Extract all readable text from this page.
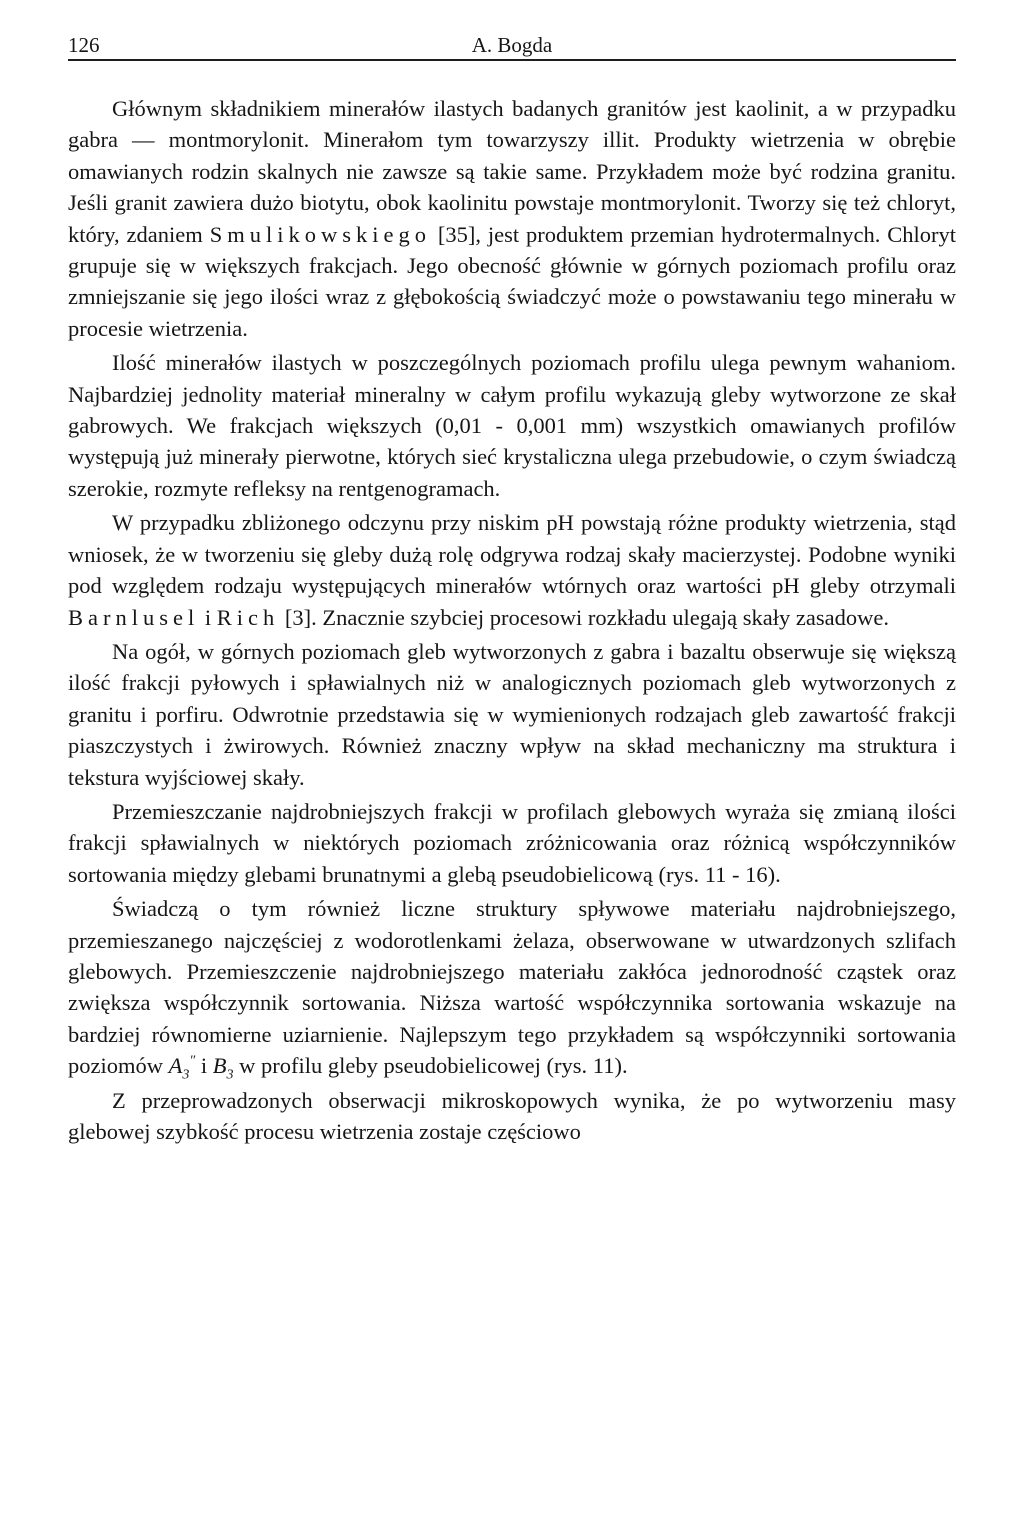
126	A. Bogda

Głównym składnikiem minerałów ilastych badanych granitów jest kaolinit, a w przypadku gabra — montmorylonit. Minerałom tym towarzyszy illit. Produkty wietrzenia w obrębie omawianych rodzin skalnych nie zawsze są takie same. Przykładem może być rodzina granitu. Jeśli granit zawiera dużo biotytu, obok kaolinitu powstaje montmorylonit. Tworzy się też chloryt, który, zdaniem Smulikowskiego [35], jest produktem przemian hydrotermalnych. Chloryt grupuje się w większych frakcjach. Jego obecność głównie w górnych poziomach profilu oraz zmniejszanie się jego ilości wraz z głębokością świadczyć może o powstawaniu tego minerału w procesie wietrzenia.

Ilość minerałów ilastych w poszczególnych poziomach profilu ulega pewnym wahaniom. Najbardziej jednolity materiał mineralny w całym profilu wykazują gleby wytworzone ze skał gabrowych. We frakcjach większych (0,01 - 0,001 mm) wszystkich omawianych profilów występują już minerały pierwotne, których sieć krystaliczna ulega przebudowie, o czym świadczą szerokie, rozmyte refleksy na rentgenogramach.

W przypadku zbliżonego odczynu przy niskim pH powstają różne produkty wietrzenia, stąd wniosek, że w tworzeniu się gleby dużą rolę odgrywa rodzaj skały macierzystej. Podobne wyniki pod względem rodzaju występujących minerałów wtórnych oraz wartości pH gleby otrzymali Barnlusel i Rich [3]. Znacznie szybciej procesowi rozkładu ulegają skały zasadowe.

Na ogół, w górnych poziomach gleb wytworzonych z gabra i bazaltu obserwuje się większą ilość frakcji pyłowych i spławialnych niż w analogicznych poziomach gleb wytworzonych z granitu i porfiru. Odwrotnie przedstawia się w wymienionych rodzajach gleb zawartość frakcji piaszczystych i żwirowych. Również znaczny wpływ na skład mechaniczny ma struktura i tekstura wyjściowej skały.

Przemieszczanie najdrobniejszych frakcji w profilach glebowych wyraża się zmianą ilości frakcji spławialnych w niektórych poziomach zróżnicowania oraz różnicą współczynników sortowania między glebami brunatnymi a glebą pseudobielicową (rys. 11 - 16).

Świadczą o tym również liczne struktury spływowe materiału najdrobniejszego, przemieszanego najczęściej z wodorotlenkami żelaza, obserwowane w utwardzonych szlifach glebowych. Przemieszczenie najdrobniejszego materiału zakłóca jednorodność cząstek oraz zwiększa współczynnik sortowania. Niższa wartość współczynnika sortowania wskazuje na bardziej równomierne uziarnienie. Najlepszym tego przykładem są współczynniki sortowania poziomów $A_3''$ i $B_3$ w profilu gleby pseudobielicowej (rys. 11).

Z przeprowadzonych obserwacji mikroskopowych wynika, że po wytworzeniu masy glebowej szybkość procesu wietrzenia zostaje częściowo
